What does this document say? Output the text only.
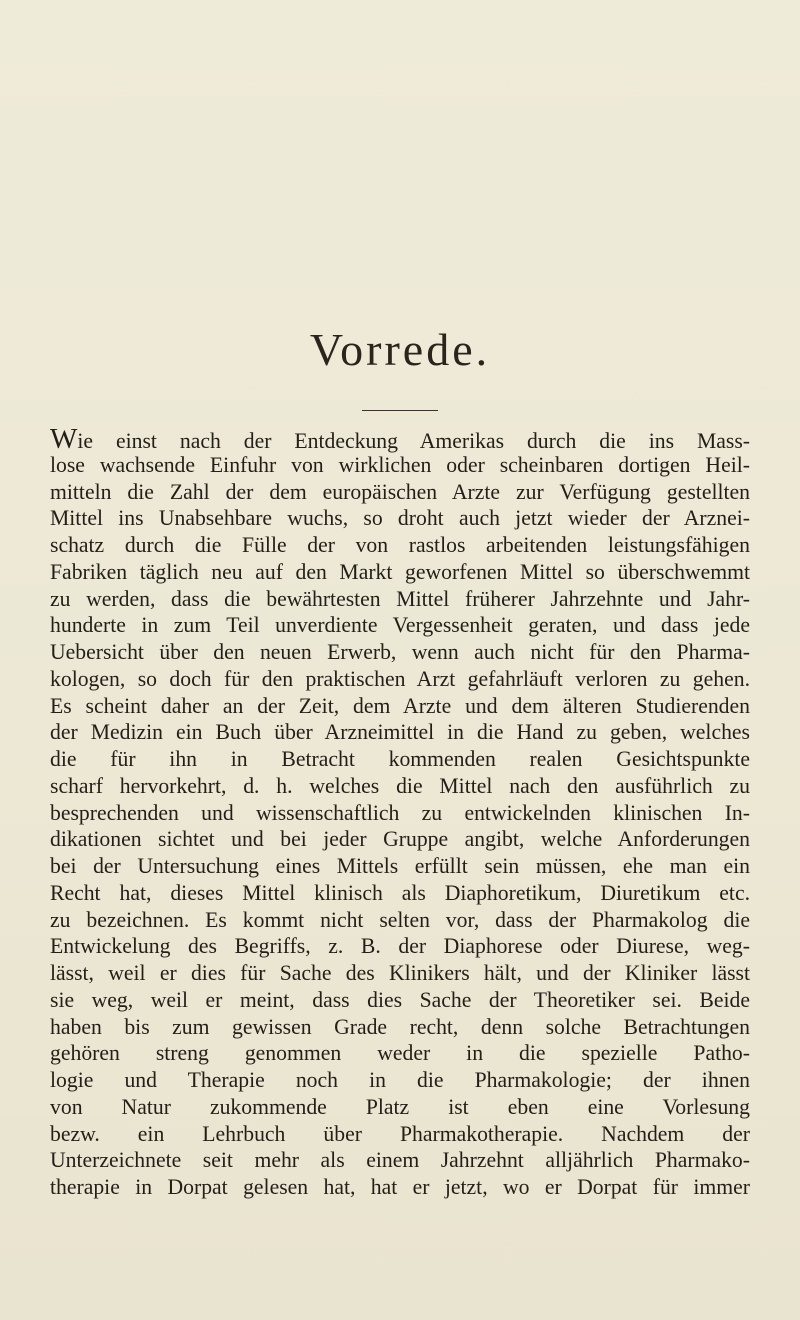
Vorrede.
Wie einst nach der Entdeckung Amerikas durch die ins Mass-
lose wachsende Einfuhr von wirklichen oder scheinbaren dortigen Heil-
mitteln die Zahl der dem europäischen Arzte zur Verfügung gestellten
Mittel ins Unabsehbare wuchs, so droht auch jetzt wieder der Arznei-
schatz durch die Fülle der von rastlos arbeitenden leistungsfähigen
Fabriken täglich neu auf den Markt geworfenen Mittel so überschwemmt
zu werden, dass die bewährtesten Mittel früherer Jahrzehnte und Jahr-
hunderte in zum Teil unverdiente Vergessenheit geraten, und dass jede
Uebersicht über den neuen Erwerb, wenn auch nicht für den Pharma-
kologen, so doch für den praktischen Arzt gefahrläuft verloren zu gehen.
Es scheint daher an der Zeit, dem Arzte und dem älteren Studierenden
der Medizin ein Buch über Arzneimittel in die Hand zu geben, welches
die für ihn in Betracht kommenden realen Gesichtspunkte
scharf hervorkehrt, d. h. welches die Mittel nach den ausführlich zu
besprechenden und wissenschaftlich zu entwickelnden klinischen In-
dikationen sichtet und bei jeder Gruppe angibt, welche Anforderungen
bei der Untersuchung eines Mittels erfüllt sein müssen, ehe man ein
Recht hat, dieses Mittel klinisch als Diaphoretikum, Diuretikum etc.
zu bezeichnen. Es kommt nicht selten vor, dass der Pharmakolog die
Entwickelung des Begriffs, z. B. der Diaphorese oder Diurese, weg-
lässt, weil er dies für Sache des Klinikers hält, und der Kliniker lässt
sie weg, weil er meint, dass dies Sache der Theoretiker sei. Beide
haben bis zum gewissen Grade recht, denn solche Betrachtungen
gehören streng genommen weder in die spezielle Patho-
logie und Therapie noch in die Pharmakologie; der ihnen
von Natur zukommende Platz ist eben eine Vorlesung
bezw. ein Lehrbuch über Pharmakotherapie. Nachdem der
Unterzeichnete seit mehr als einem Jahrzehnt alljährlich Pharmako-
therapie in Dorpat gelesen hat, hat er jetzt, wo er Dorpat für immer
